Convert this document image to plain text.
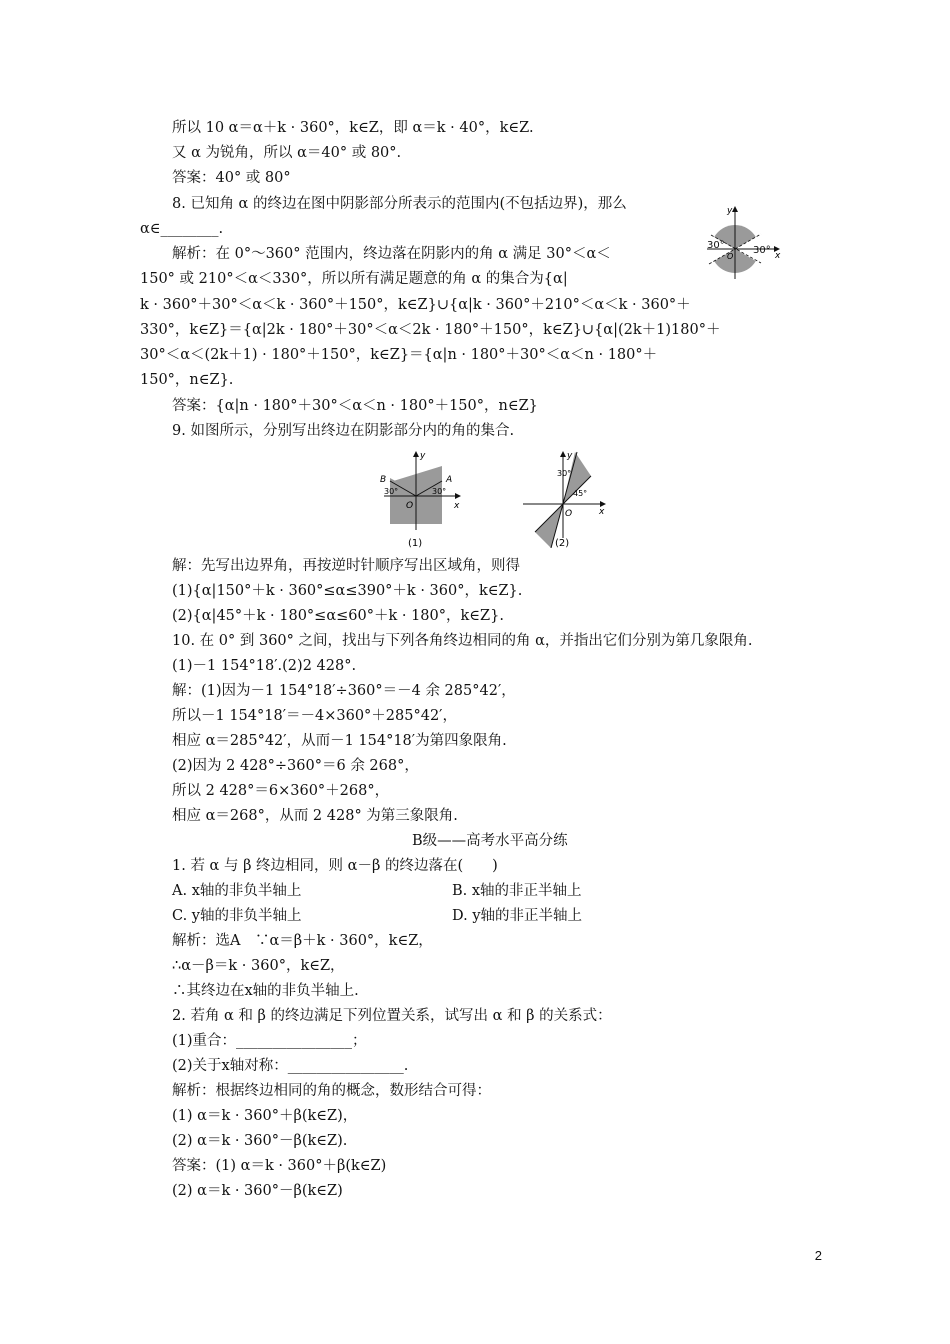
所以 10 α＝α＋k · 360°，k∈Z，即 α＝k · 40°，k∈Z.

又 α 为锐角，所以 α＝40° 或 80°.

答案：40° 或 80°

8. 已知角 α 的终边在图中阴影部分所表示的范围内(不包括边界)，那么

α∈________.

解析：在 0°～360° 范围内，终边落在阴影内的角 α 满足 30°＜α＜

150° 或 210°＜α＜330°，所以所有满足题意的角 α 的集合为{α|

k · 360°＋30°＜α＜k · 360°＋150°，k∈Z}∪{α|k · 360°＋210°＜α＜k · 360°＋

330°，k∈Z}＝{α|2k · 180°＋30°＜α＜2k · 180°＋150°，k∈Z}∪{α|(2k＋1)180°＋

30°＜α＜(2k＋1) · 180°＋150°，k∈Z}＝{α|n · 180°＋30°＜α＜n · 180°＋

150°，n∈Z}.

答案：{α|n · 180°＋30°＜α＜n · 180°＋150°，n∈Z}

9. 如图所示，分别写出终边在阴影部分内的角的集合.

解：先写出边界角，再按逆时针顺序写出区域角，则得

(1){α|150°＋k · 360°≤α≤390°＋k · 360°，k∈Z}.

(2){α|45°＋k · 180°≤α≤60°＋k · 180°，k∈Z}.

10. 在 0° 到 360° 之间，找出与下列各角终边相同的角 α，并指出它们分别为第几象限角.

(1)－1 154°18′.(2)2 428°.

解：(1)因为－1 154°18′÷360°＝－4 余 285°42′，

所以－1 154°18′＝－4×360°＋285°42′，

相应 α＝285°42′，从而－1 154°18′为第四象限角.

(2)因为 2 428°÷360°＝6 余 268°，

所以 2 428°＝6×360°＋268°，

相应 α＝268°，从而 2 428° 为第三象限角.

B级——高考水平高分练

1. 若 α 与 β 终边相同，则 α－β 的终边落在(　　)

A. x轴的非负半轴上	B. x轴的非正半轴上

C. y轴的非负半轴上	D. y轴的非正半轴上

解析：选A　∵α＝β＋k · 360°，k∈Z，

∴α－β＝k · 360°，k∈Z，

∴其终边在x轴的非负半轴上.

2. 若角 α 和 β 的终边满足下列位置关系，试写出 α 和 β 的关系式：

(1)重合：________________；

(2)关于x轴对称：________________.

解析：根据终边相同的角的概念，数形结合可得：

(1) α＝k · 360°＋β(k∈Z)，

(2) α＝k · 360°－β(k∈Z).

答案：(1) α＝k · 360°＋β(k∈Z)

(2) α＝k · 360°－β(k∈Z)

y
x
O
30°	30°
y
x
O
A
B
30°	30°
(1)
y
x
O
30°
45°
(2)
2
